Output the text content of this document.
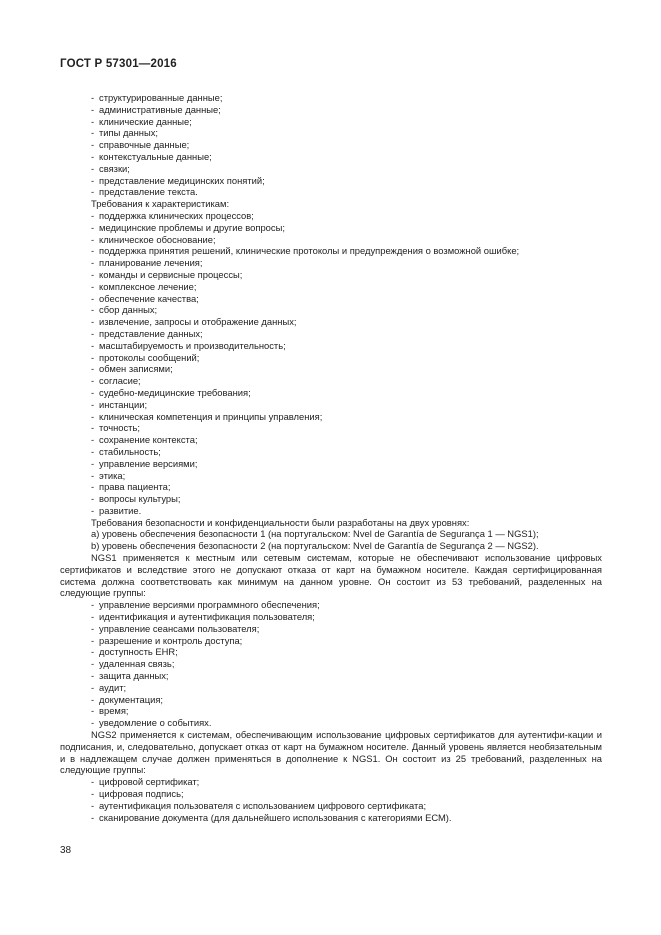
ГОСТ Р 57301—2016
- структурированные данные;
- административные данные;
- клинические данные;
- типы данных;
- справочные данные;
- контекстуальные данные;
- связки;
- представление медицинских понятий;
- представление текста.
Требования к характеристикам:
- поддержка клинических процессов;
- медицинские проблемы и другие вопросы;
- клиническое обоснование;
- поддержка принятия решений, клинические протоколы и предупреждения о возможной ошибке;
- планирование лечения;
- команды и сервисные процессы;
- комплексное лечение;
- обеспечение качества;
- сбор данных;
- извлечение, запросы и отображение данных;
- представление данных;
- масштабируемость и производительность;
- протоколы сообщений;
- обмен записями;
- согласие;
- судебно-медицинские требования;
- инстанции;
- клиническая компетенция и принципы управления;
- точность;
- сохранение контекста;
- стабильность;
- управление версиями;
- этика;
- права пациента;
- вопросы культуры;
- развитие.
Требования безопасности и конфиденциальности были разработаны на двух уровнях:
a) уровень обеспечения безопасности 1 (на португальском: Nvel de Garantía de Segurança 1 — NGS1);
b) уровень обеспечения безопасности 2 (на португальском: Nvel de Garantía de Segurança 2 — NGS2).
NGS1 применяется к местным или сетевым системам, которые не обеспечивают использование цифровых сертификатов и вследствие этого не допускают отказа от карт на бумажном носителе. Каждая сертифицированная система должна соответствовать как минимум на данном уровне. Он состоит из 53 требований, разделенных на следующие группы:
- управление версиями программного обеспечения;
- идентификация и аутентификация пользователя;
- управление сеансами пользователя;
- разрешение и контроль доступа;
- доступность EHR;
- удаленная связь;
- защита данных;
- аудит;
- документация;
- время;
- уведомление о событиях.
NGS2 применяется к системам, обеспечивающим использование цифровых сертификатов для аутентифи-кации и подписания, и, следовательно, допускает отказ от карт на бумажном носителе. Данный уровень является необязательным и в надлежащем случае должен применяться в дополнение к NGS1. Он состоит из 25 требований, разделенных на следующие группы:
- цифровой сертификат;
- цифровая подпись;
- аутентификация пользователя с использованием цифрового сертификата;
- сканирование документа (для дальнейшего использования с категориями ЕСМ).
38
